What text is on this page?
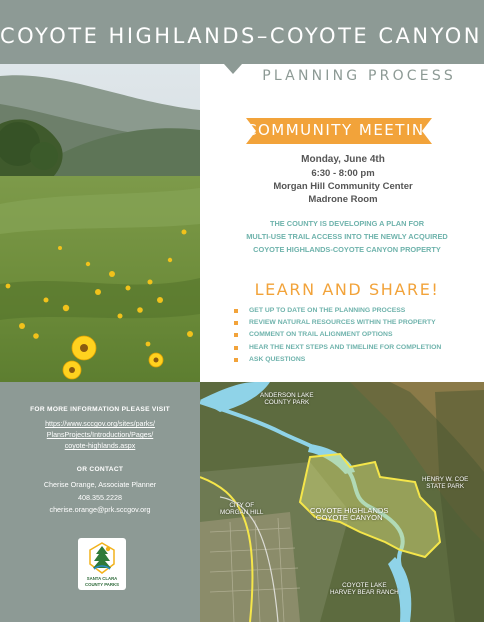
COYOTE HIGHLANDS–COYOTE CANYON
PLANNING PROCESS
COMMUNITY MEETING
Monday, June 4th
6:30 - 8:00 pm
Morgan Hill Community Center
Madrone Room
THE COUNTY IS DEVELOPING A PLAN FOR
MULTI-USE TRAIL ACCESS INTO THE NEWLY ACQUIRED
COYOTE HIGHLANDS-COYOTE CANYON PROPERTY
LEARN AND SHARE!
GET UP TO DATE ON THE PLANNING PROCESS
REVIEW NATURAL RESOURCES WITHIN THE PROPERTY
COMMENT ON TRAIL ALIGNMENT OPTIONS
HEAR THE NEXT STEPS AND TIMELINE FOR COMPLETION
ASK QUESTIONS
FOR MORE INFORMATION PLEASE VISIT
https://www.sccgov.org/sites/parks/
PlansProjects/Introduction/Pages/
coyote-highlands.aspx
OR CONTACT
Cherise Orange, Associate Planner
408.355.2228
cherise.orange@prk.sccgov.org
SANTA CLARA
COUNTY PARKS
ANDERSON LAKE
COUNTY PARK
HENRY W. COE
STATE PARK
CITY OF
MORGAN HILL	COYOTE HIGHLANDS
COYOTE CANYON
COYOTE LAKE
HARVEY BEAR RANCH
